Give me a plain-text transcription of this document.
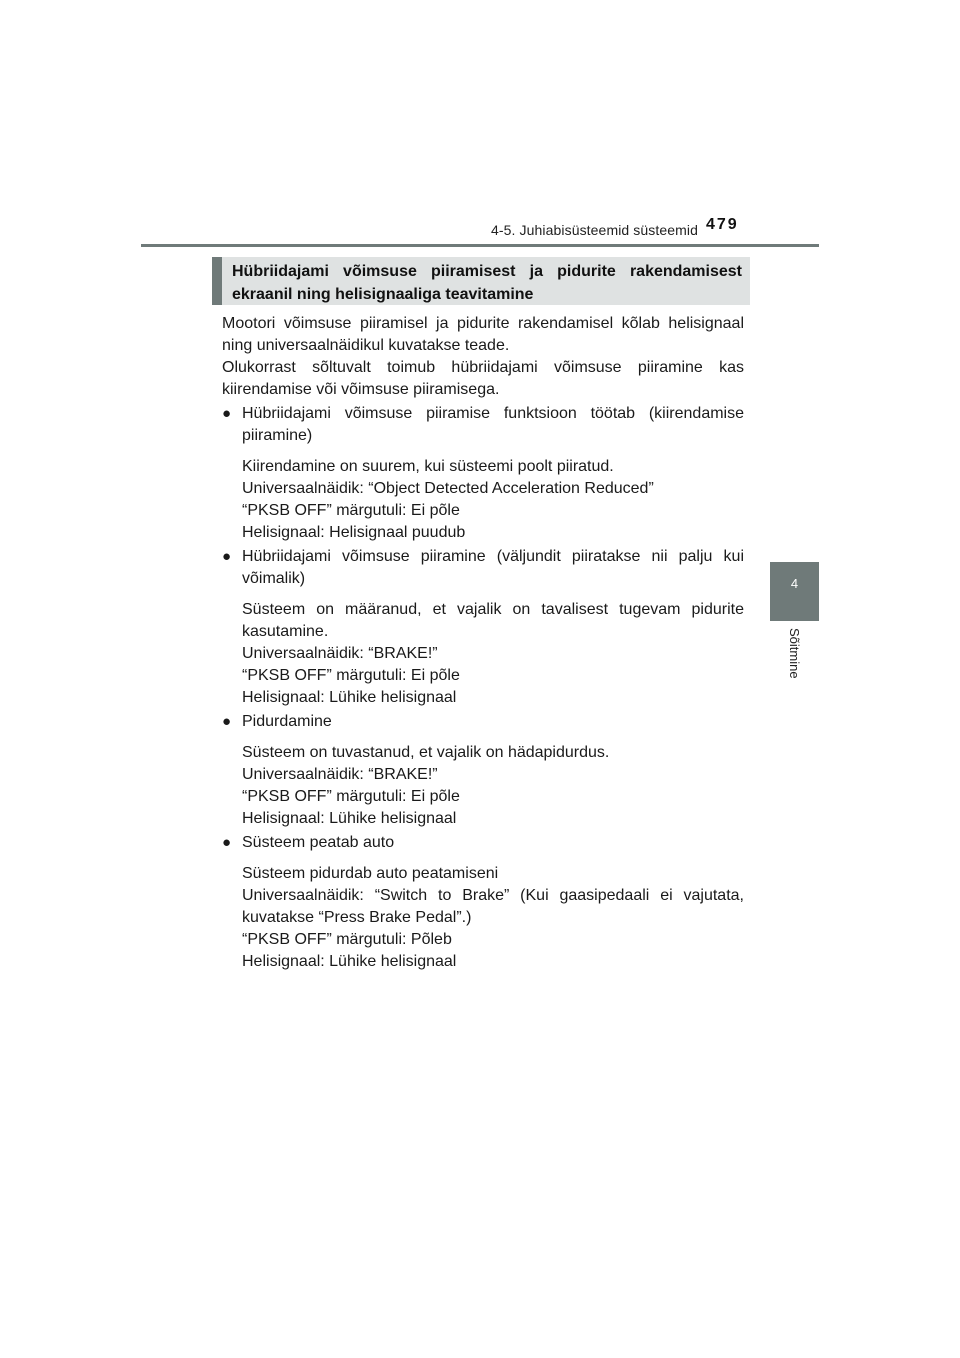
4-5. Juhiabisüsteemid süsteemid 479
4
Sõitmine
Hübriidajami võimsuse piiramisest ja pidurite rakendamisest ekraanil ning helisignaaliga teavitamine

Mootori võimsuse piiramisel ja pidurite rakendamisel kõlab helisignaal ning universaalnäidikul kuvatakse teade.

Olukorrast sõltuvalt toimub hübriidajami võimsuse piiramine kas kiirendamise või võimsuse piiramisega.

● Hübriidajami võimsuse piiramise funktsioon töötab (kiirendamise piiramine)
Kiirendamine on suurem, kui süsteemi poolt piiratud.
Universaalnäidik: “Object Detected Acceleration Reduced”
“PKSB OFF” märgutuli: Ei põle
Helisignaal: Helisignaal puudub
● Hübriidajami võimsuse piiramine (väljundit piiratakse nii palju kui võimalik)
Süsteem on määranud, et vajalik on tavalisest tugevam pidurite kasutamine.
Universaalnäidik: “BRAKE!”
“PKSB OFF” märgutuli: Ei põle
Helisignaal: Lühike helisignaal
● Pidurdamine
Süsteem on tuvastanud, et vajalik on hädapidurdus.
Universaalnäidik: “BRAKE!”
“PKSB OFF” märgutuli: Ei põle
Helisignaal: Lühike helisignaal
● Süsteem peatab auto
Süsteem pidurdab auto peatamiseni
Universaalnäidik: “Switch to Brake” (Kui gaasipedaali ei vajutata, kuvatakse “Press Brake Pedal”.)
“PKSB OFF” märgutuli: Põleb
Helisignaal: Lühike helisignaal
